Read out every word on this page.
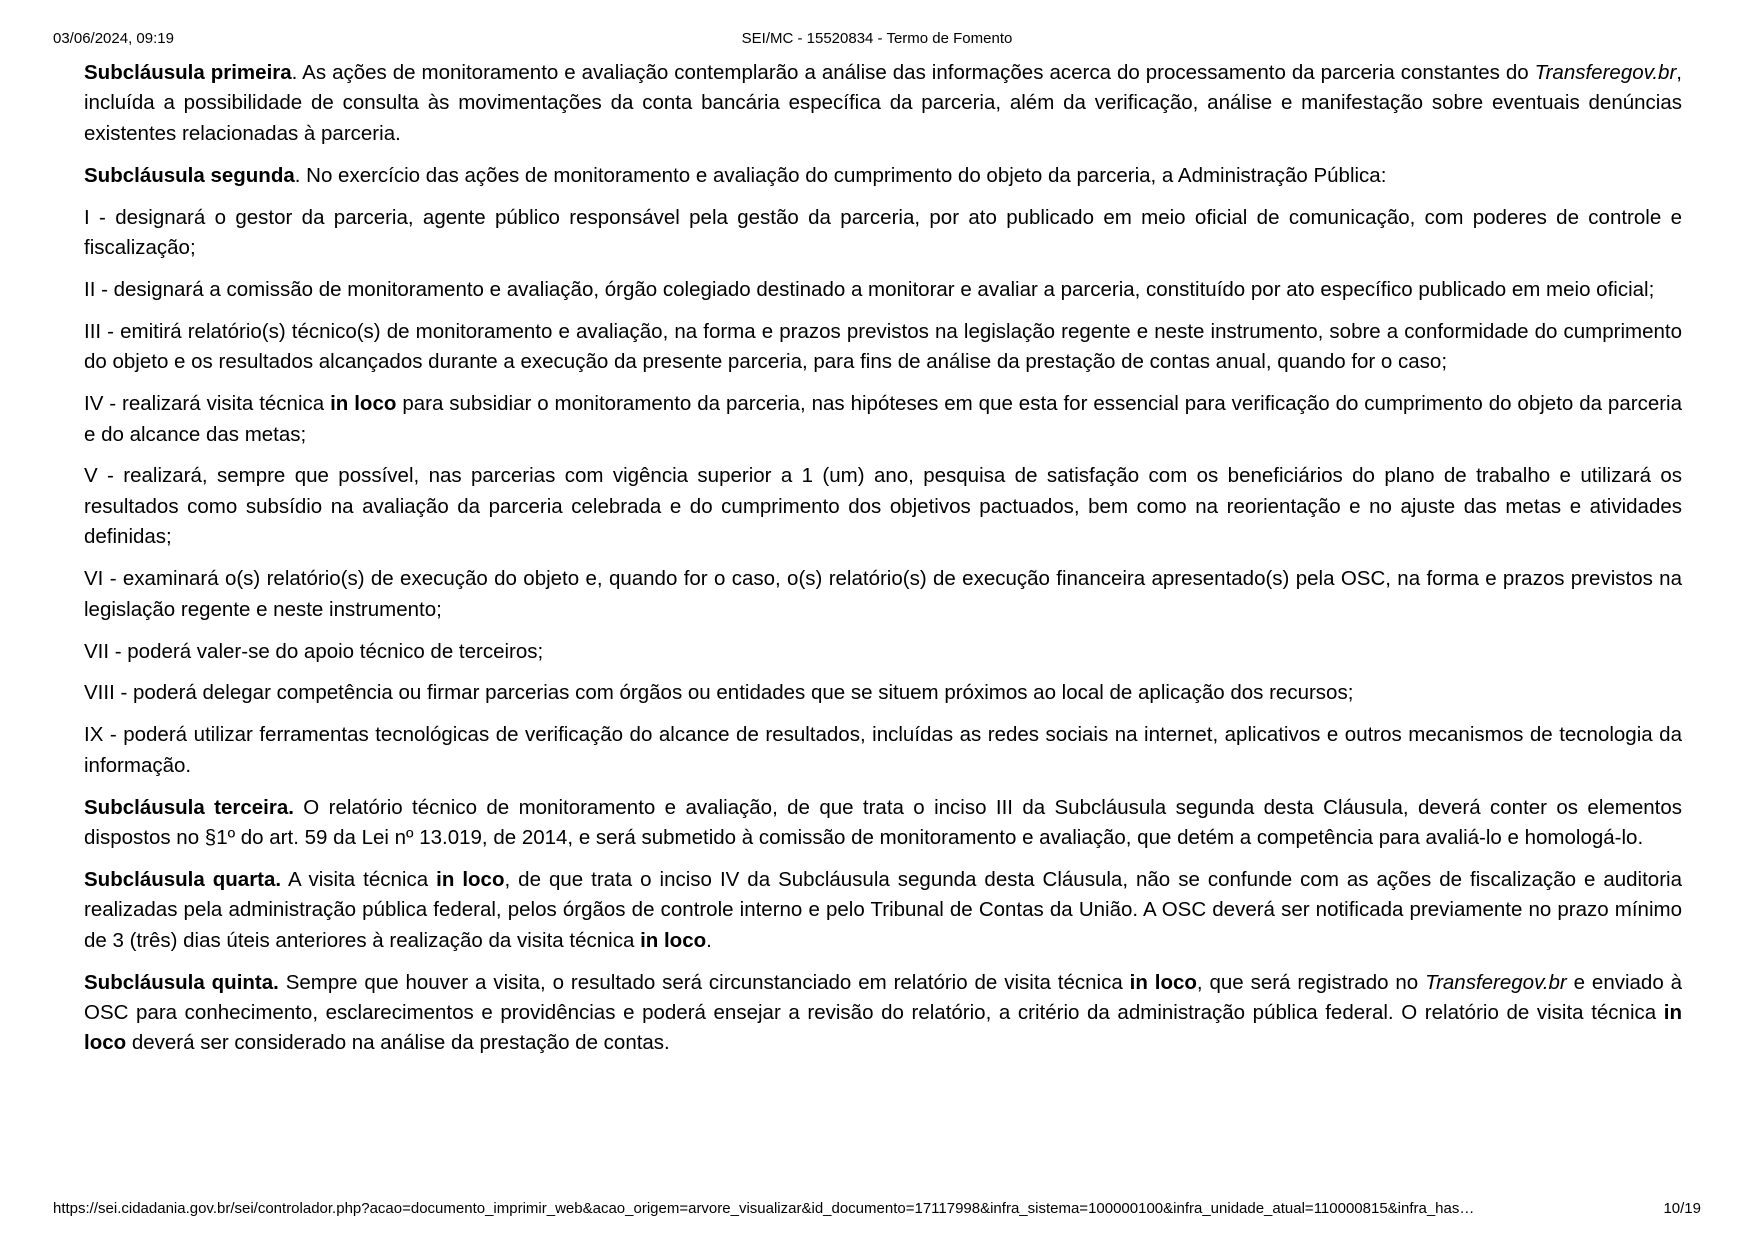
03/06/2024, 09:19	SEI/MC - 15520834 - Termo de Fomento

Subcláusula primeira. As ações de monitoramento e avaliação contemplarão a análise das informações acerca do processamento da parceria constantes do Transferegov.br, incluída a possibilidade de consulta às movimentações da conta bancária específica da parceria, além da verificação, análise e manifestação sobre eventuais denúncias existentes relacionadas à parceria.

Subcláusula segunda. No exercício das ações de monitoramento e avaliação do cumprimento do objeto da parceria, a Administração Pública:

I - designará o gestor da parceria, agente público responsável pela gestão da parceria, por ato publicado em meio oficial de comunicação, com poderes de controle e fiscalização;

II - designará a comissão de monitoramento e avaliação, órgão colegiado destinado a monitorar e avaliar a parceria, constituído por ato específico publicado em meio oficial;

III - emitirá relatório(s) técnico(s) de monitoramento e avaliação, na forma e prazos previstos na legislação regente e neste instrumento, sobre a conformidade do cumprimento do objeto e os resultados alcançados durante a execução da presente parceria, para fins de análise da prestação de contas anual, quando for o caso;

IV - realizará visita técnica in loco para subsidiar o monitoramento da parceria, nas hipóteses em que esta for essencial para verificação do cumprimento do objeto da parceria e do alcance das metas;

V - realizará, sempre que possível, nas parcerias com vigência superior a 1 (um) ano, pesquisa de satisfação com os beneficiários do plano de trabalho e utilizará os resultados como subsídio na avaliação da parceria celebrada e do cumprimento dos objetivos pactuados, bem como na reorientação e no ajuste das metas e atividades definidas;

VI - examinará o(s) relatório(s) de execução do objeto e, quando for o caso, o(s) relatório(s) de execução financeira apresentado(s) pela OSC, na forma e prazos previstos na legislação regente e neste instrumento;

VII - poderá valer-se do apoio técnico de terceiros;

VIII - poderá delegar competência ou firmar parcerias com órgãos ou entidades que se situem próximos ao local de aplicação dos recursos;

IX - poderá utilizar ferramentas tecnológicas de verificação do alcance de resultados, incluídas as redes sociais na internet, aplicativos e outros mecanismos de tecnologia da informação.

Subcláusula terceira. O relatório técnico de monitoramento e avaliação, de que trata o inciso III da Subcláusula segunda desta Cláusula, deverá conter os elementos dispostos no §1º do art. 59 da Lei nº 13.019, de 2014, e será submetido à comissão de monitoramento e avaliação, que detém a competência para avaliá-lo e homologá-lo.

Subcláusula quarta. A visita técnica in loco, de que trata o inciso IV da Subcláusula segunda desta Cláusula, não se confunde com as ações de fiscalização e auditoria realizadas pela administração pública federal, pelos órgãos de controle interno e pelo Tribunal de Contas da União. A OSC deverá ser notificada previamente no prazo mínimo de 3 (três) dias úteis anteriores à realização da visita técnica in loco.

Subcláusula quinta. Sempre que houver a visita, o resultado será circunstanciado em relatório de visita técnica in loco, que será registrado no Transferegov.br e enviado à OSC para conhecimento, esclarecimentos e providências e poderá ensejar a revisão do relatório, a critério da administração pública federal. O relatório de visita técnica in loco deverá ser considerado na análise da prestação de contas.

https://sei.cidadania.gov.br/sei/controlador.php?acao=documento_imprimir_web&acao_origem=arvore_visualizar&id_documento=17117998&infra_sistema=100000100&infra_unidade_atual=110000815&infra_has…	10/19
